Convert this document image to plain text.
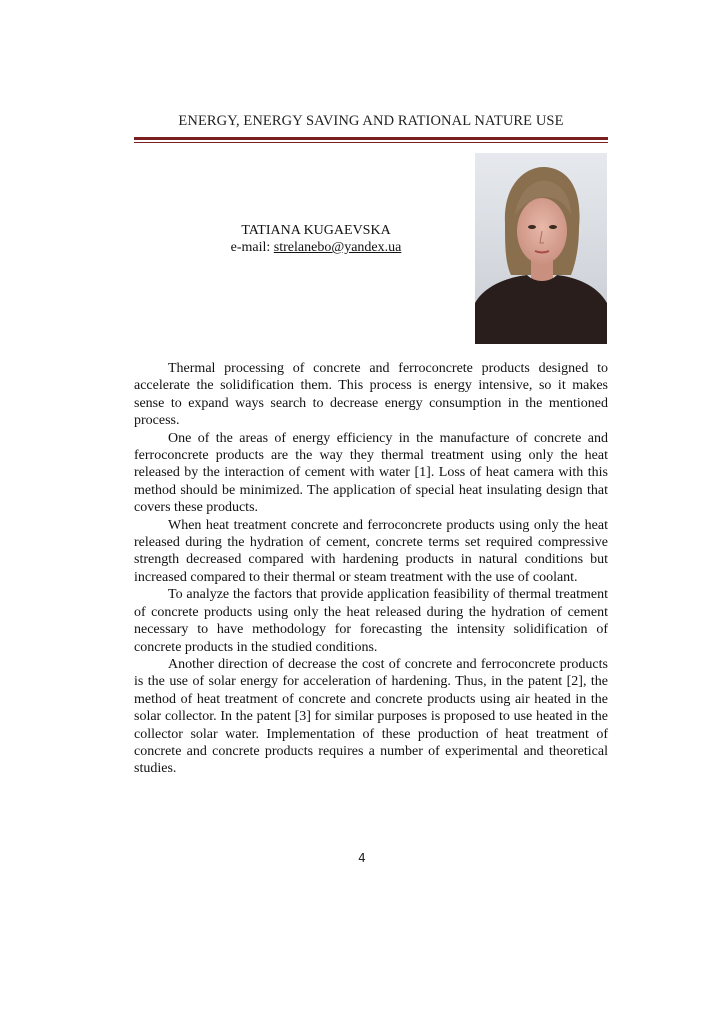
ENERGY, ENERGY SAVING AND RATIONAL NATURE USE
TATIANA KUGAEVSKA
e-mail: strelanebo@yandex.ua

Thermal processing of concrete and ferroconcrete products designed to accelerate the solidification them. This process is energy intensive, so it makes sense to expand ways search to decrease energy consumption in the mentioned process.

One of the areas of energy efficiency in the manufacture of concrete and ferroconcrete products are the way they thermal treatment using only the heat released by the interaction of cement with water [1]. Loss of heat camera with this method should be minimized. The application of special heat insulating design that covers these products.

When heat treatment concrete and ferroconcrete products using only the heat released during the hydration of cement, concrete terms set required compressive strength decreased compared with hardening products in natural conditions but increased compared to their thermal or steam treatment with the use of coolant.

To analyze the factors that provide application feasibility of thermal treatment of concrete products using only the heat released during the hydration of cement necessary to have methodology for forecasting the intensity solidification of concrete products in the studied conditions.

Another direction of decrease the cost of concrete and ferroconcrete products is the use of solar energy for acceleration of hardening. Thus, in the patent [2], the method of heat treatment of concrete and concrete products using air heated in the solar collector. In the patent [3] for similar purposes is proposed to use heated in the collector solar water. Implementation of these production of heat treatment of concrete and concrete products requires a number of experimental and theoretical studies.

4
